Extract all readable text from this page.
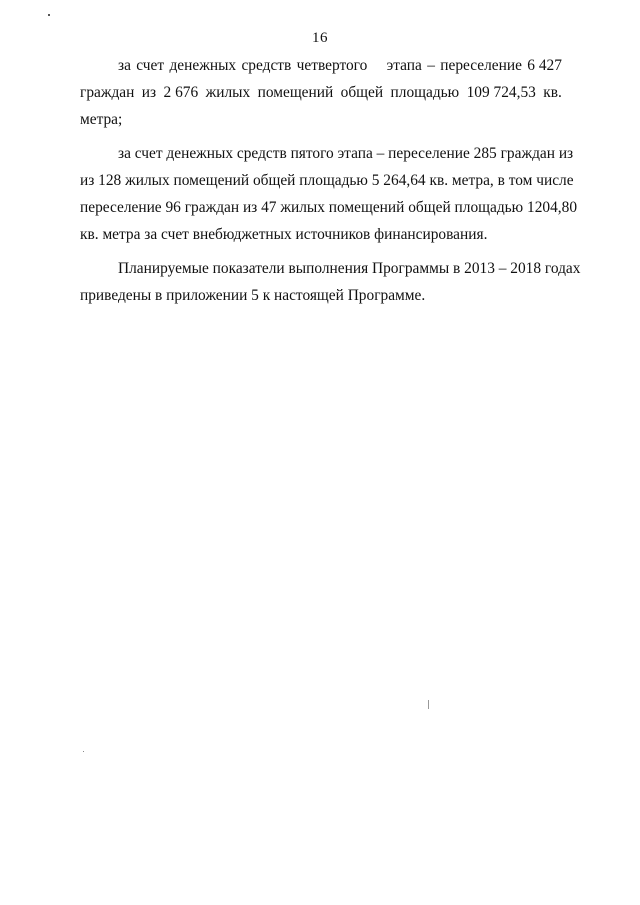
16
за счет денежных средств четвертого этапа – переселение 6 427
граждан из 2 676 жилых помещений общей площадью 109 724,53 кв.
метра;
за счет денежных средств пятого этапа – переселение 285 граждан из
из 128 жилых помещений общей площадью 5 264,64 кв. метра, в том числе
переселение 96 граждан из 47 жилых помещений общей площадью 1204,80
кв. метра за счет внебюджетных источников финансирования.
Планируемые показатели выполнения Программы в 2013 – 2018 годах
приведены в приложении 5 к настоящей Программе.
